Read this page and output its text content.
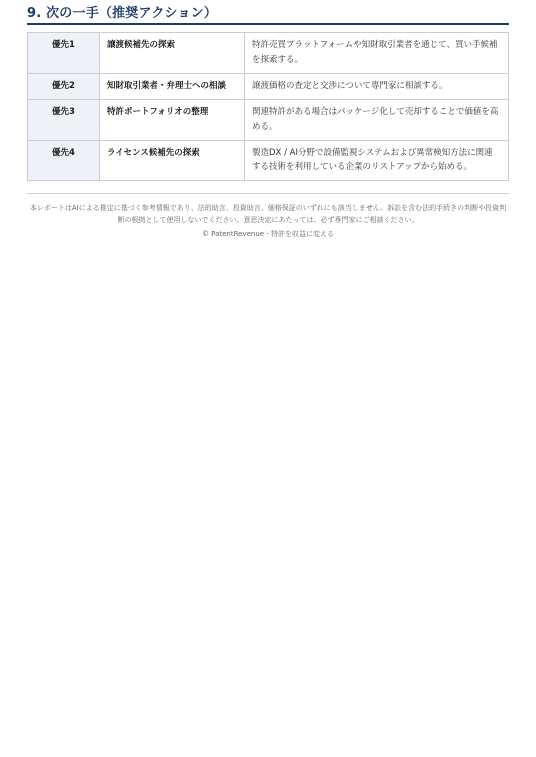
9. 次の一手（推奨アクション）
優先1	譲渡候補先の探索	特許売買プラットフォームや知財取引業者を通じて、買い手候補を探索する。
優先2	知財取引業者・弁理士への相談	譲渡価格の査定と交渉について専門家に相談する。
優先3	特許ポートフォリオの整理	関連特許がある場合はパッケージ化して売却することで価値を高める。
優先4	ライセンス候補先の探索	製造DX / AI分野で設備監視システムおよび異常検知方法に関連する技術を利用している企業のリストアップから始める。
本レポートはAIによる推定に基づく参考情報であり、法的助言、投資助言、価格保証のいずれにも該当しません。訴訟を含む法的手続きの判断や投資判断の根拠として使用しないでください。意思決定にあたっては、必ず専門家にご相談ください。
© PatentRevenue - 特許を収益に変える
